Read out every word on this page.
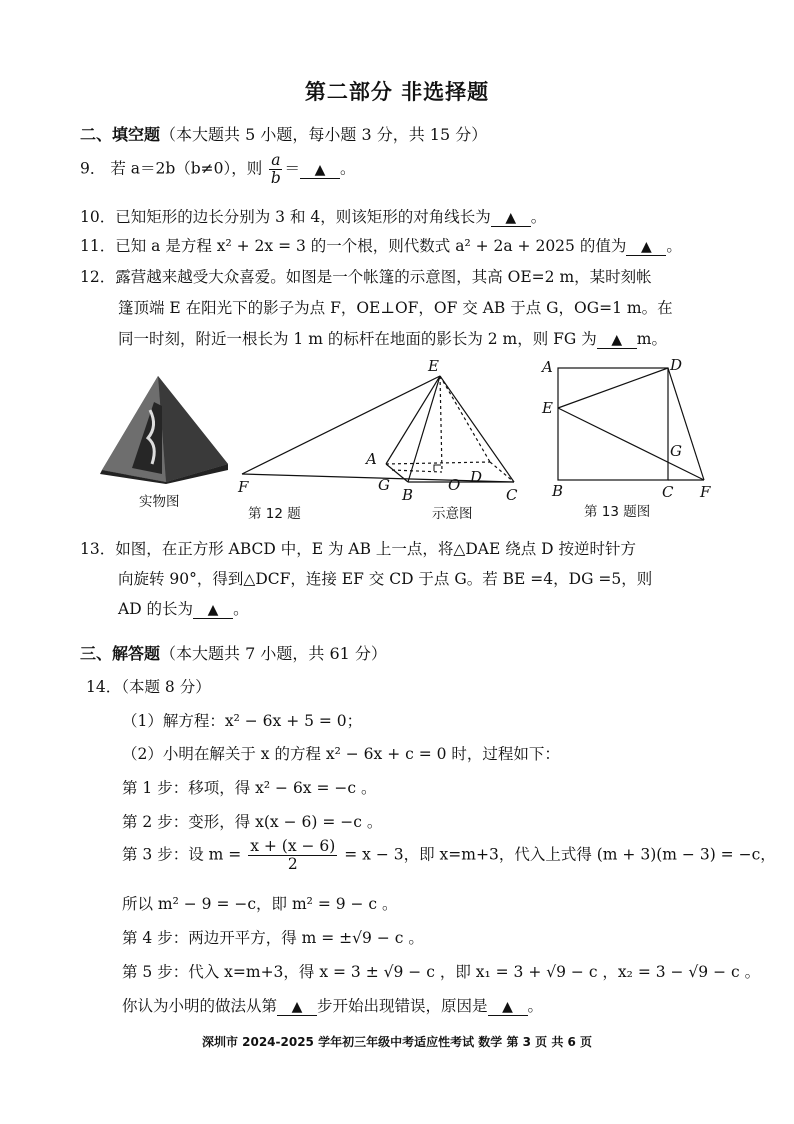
第二部分 非选择题
二、填空题（本大题共 5 小题，每小题 3 分，共 15 分）
9． 若 a＝2b（b≠0），则 $\frac{a}{b}$ ＝ ▲ 。
10．已知矩形的边长分别为 3 和 4，则该矩形的对角线长为 ▲ 。
11．已知 a 是方程 x² + 2x = 3 的一个根，则代数式 a² + 2a + 2025 的值为 ▲ 。
12．露营越来越受大众喜爱。如图是一个帐篷的示意图，其高 OE=2 m，某时刻帐
篷顶端 E 在阳光下的影子为点 F，OE⊥OF，OF 交 AB 于点 G，OG=1 m。在
同一时刻，附近一根长为 1 m 的标杆在地面的影长为 2 m，则 FG 为 ▲ m。
实物图
E
A
G	O D
B	C
F
第 12 题	示意图
A	D
E
G
B	C F
第 13 题图
13．如图，在正方形 ABCD 中，E 为 AB 上一点，将△DAE 绕点 D 按逆时针方
向旋转 90°，得到△DCF，连接 EF 交 CD 于点 G。若 BE =4，DG =5，则
AD 的长为 ▲ 。
三、解答题（本大题共 7 小题，共 61 分）
14．（本题 8 分）
（1）解方程：x² − 6x + 5 = 0；
（2）小明在解关于 x 的方程 x² − 6x + c = 0 时，过程如下：
第 1 步：移项，得 x² − 6x = −c 。
第 2 步：变形，得 x(x − 6) = −c 。
第 3 步：设 $m = \frac{x + (x - 6)}{2} = x - 3$，即 x=m+3，代入上式得 (m + 3)(m − 3) = −c，
所以 m² − 9 = −c，即 m² = 9 − c 。
第 4 步：两边开平方，得 m = ±√9 − c 。
第 5 步：代入 x=m+3，得 x = 3 ± √9 − c ，即 x₁ = 3 + √9 − c ，x₂ = 3 − √9 − c 。
你认为小明的做法从第 ▲ 步开始出现错误，原因是 ▲ 。
深圳市 2024-2025 学年初三年级中考适应性考试 数学 第 3 页 共 6 页
